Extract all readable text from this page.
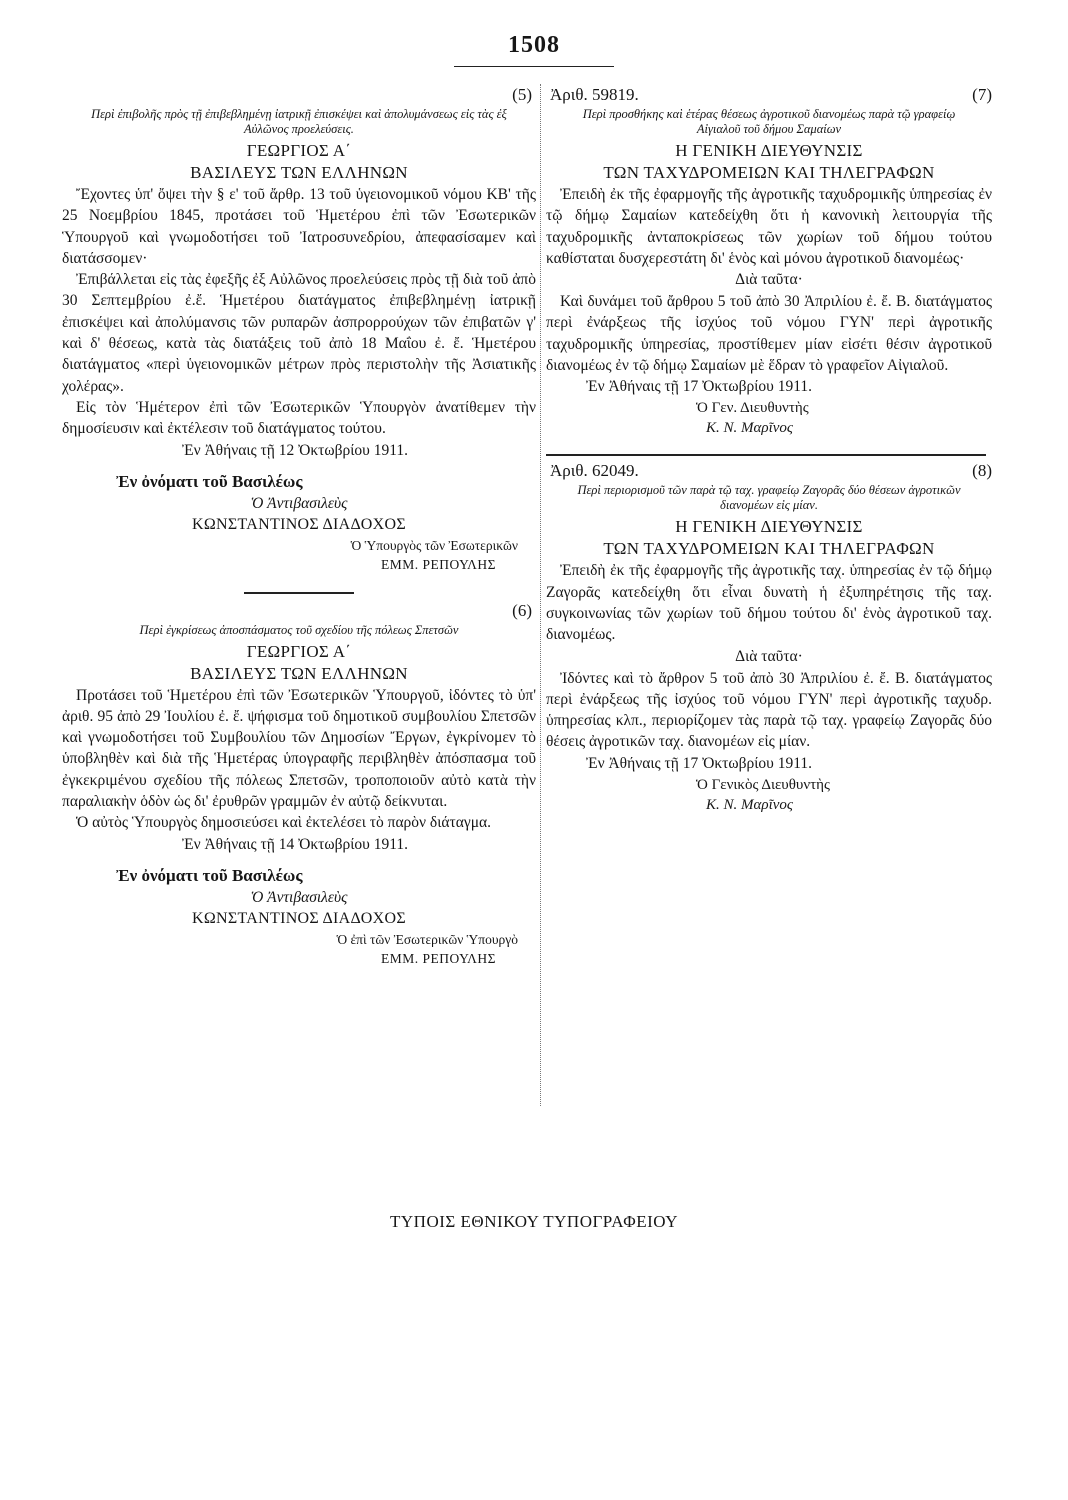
1508
(5)
Περὶ ἐπιβολῆς πρὸς τῇ ἐπιβεβλημένῃ ἰατρικῇ ἐπισκέψει καὶ ἀπολυμάνσεως εἰς τὰς ἐξ Αὐλῶνος προελεύσεις.
ΓΕΩΡΓΙΟΣ Α΄
ΒΑΣΙΛΕΥΣ ΤΩΝ ΕΛΛΗΝΩΝ

Ἔχοντες ὑπ' ὄψει τὴν § ε' τοῦ ἄρθρ. 13 τοῦ ὑγειονομικοῦ νόμου ΚΒ' τῆς 25 Νοεμβρίου 1845, προτάσει τοῦ Ἡμετέρου ἐπὶ τῶν Ἐσωτερικῶν Ὑπουργοῦ καὶ γνωμοδοτήσει τοῦ Ἰατροσυνεδρίου, ἀπεφασίσαμεν καὶ διατάσσομεν·

Ἐπιβάλλεται εἰς τὰς ἐφεξῆς ἐξ Αὐλῶνος προελεύσεις πρὸς τῇ διὰ τοῦ ἀπὸ 30 Σεπτεμβρίου ἐ.ἔ. Ἡμετέρου διατάγματος ἐπιβεβλημένῃ ἰατρικῇ ἐπισκέψει καὶ ἀπολύμανσις τῶν ρυπαρῶν ἀσπρορρούχων τῶν ἐπιβατῶν γ' καὶ δ' θέσεως, κατὰ τὰς διατάξεις τοῦ ἀπὸ 18 Μαΐου ἐ. ἔ. Ἡμετέρου διατάγματος «περὶ ὑγειονομικῶν μέτρων πρὸς περιστολὴν τῆς Ἀσιατικῆς χολέρας».

Εἰς τὸν Ἡμέτερον ἐπὶ τῶν Ἐσωτερικῶν Ὑπουργὸν ἀνατίθεμεν τὴν δημοσίευσιν καὶ ἐκτέλεσιν τοῦ διατάγματος τούτου.

Ἐν Ἀθήναις τῇ 12 Ὀκτωβρίου 1911.
Ἐν ὀνόματι τοῦ Βασιλέως
Ὁ Ἀντιβασιλεὺς
ΚΩΝΣΤΑΝΤΙΝΟΣ ΔΙΑΔΟΧΟΣ
Ὁ Ὑπουργὸς τῶν Ἐσωτερικῶν
ΕΜΜ. ΡΕΠΟΥΛΗΣ
(6)
Περὶ ἐγκρίσεως ἀποσπάσματος τοῦ σχεδίου τῆς πόλεως Σπετσῶν
ΓΕΩΡΓΙΟΣ Α΄
ΒΑΣΙΛΕΥΣ ΤΩΝ ΕΛΛΗΝΩΝ

Προτάσει τοῦ Ἡμετέρου ἐπὶ τῶν Ἐσωτερικῶν Ὑπουργοῦ, ἰδόντες τὸ ὑπ' ἀριθ. 95 ἀπὸ 29 Ἰουλίου ἐ. ἔ. ψήφισμα τοῦ δημοτικοῦ συμβουλίου Σπετσῶν καὶ γνωμοδοτήσει τοῦ Συμβουλίου τῶν Δημοσίων Ἔργων, ἐγκρίνομεν τὸ ὑποβληθὲν καὶ διὰ τῆς Ἡμετέρας ὑπογραφῆς περιβληθὲν ἀπόσπασμα τοῦ ἐγκεκριμένου σχεδίου τῆς πόλεως Σπετσῶν, τροποποιοῦν αὐτὸ κατὰ τὴν παραλιακὴν ὁδὸν ὡς δι' ἐρυθρῶν γραμμῶν ἐν αὐτῷ δείκνυται.

Ὁ αὐτὸς Ὑπουργὸς δημοσιεύσει καὶ ἐκτελέσει τὸ παρὸν διάταγμα.

Ἐν Ἀθήναις τῇ 14 Ὀκτωβρίου 1911.
Ἐν ὀνόματι τοῦ Βασιλέως
Ὁ Ἀντιβασιλεὺς
ΚΩΝΣΤΑΝΤΙΝΟΣ ΔΙΑΔΟΧΟΣ
Ὁ ἐπὶ τῶν Ἐσωτερικῶν Ὑπουργὸ
ΕΜΜ. ΡΕΠΟΥΛΗΣ
Ἀριθ. 59819.	(7)
Περὶ προσθήκης καὶ ἑτέρας θέσεως ἀγροτικοῦ διανομέως παρὰ τῷ γραφείῳ Αἰγιαλοῦ τοῦ δήμου Σαμαίων
Η ΓΕΝΙΚΗ ΔΙΕΥΘΥΝΣΙΣ
ΤΩΝ ΤΑΧΥΔΡΟΜΕΙΩΝ ΚΑΙ ΤΗΛΕΓΡΑΦΩΝ

Ἐπειδὴ ἐκ τῆς ἐφαρμογῆς τῆς ἀγροτικῆς ταχυδρομικῆς ὑπηρεσίας ἐν τῷ δήμῳ Σαμαίων κατεδείχθη ὅτι ἡ κανονικὴ λειτουργία τῆς ταχυδρομικῆς ἀνταποκρίσεως τῶν χωρίων τοῦ δήμου τούτου καθίσταται δυσχερεστάτη δι' ἑνὸς καὶ μόνου ἀγροτικοῦ διανομέως·

Διὰ ταῦτα·

Καὶ δυνάμει τοῦ ἄρθρου 5 τοῦ ἀπὸ 30 Ἀπριλίου ἐ. ἔ. Β. διατάγματος περὶ ἐνάρξεως τῆς ἰσχύος τοῦ νόμου ΓΥΝ' περὶ ἀγροτικῆς ταχυδρομικῆς ὑπηρεσίας, προστίθεμεν μίαν εἰσέτι θέσιν ἀγροτικοῦ διανομέως ἐν τῷ δήμῳ Σαμαίων μὲ ἕδραν τὸ γραφεῖον Αἰγιαλοῦ.

Ἐν Ἀθήναις τῇ 17 Ὀκτωβρίου 1911.
Ὁ Γεν. Διευθυντὴς
Κ. Ν. Μαρῖνος
Ἀριθ. 62049.	(8)
Περὶ περιορισμοῦ τῶν παρὰ τῷ ταχ. γραφείῳ Ζαγορᾶς δύο θέσεων ἀγροτικῶν διανομέων εἰς μίαν.
Η ΓΕΝΙΚΗ ΔΙΕΥΘΥΝΣΙΣ
ΤΩΝ ΤΑΧΥΔΡΟΜΕΙΩΝ ΚΑΙ ΤΗΛΕΓΡΑΦΩΝ

Ἐπειδὴ ἐκ τῆς ἐφαρμογῆς τῆς ἀγροτικῆς ταχ. ὑπηρεσίας ἐν τῷ δήμῳ Ζαγορᾶς κατεδείχθη ὅτι εἶναι δυνατὴ ἡ ἐξυπηρέτησις τῆς ταχ. συγκοινωνίας τῶν χωρίων τοῦ δήμου τούτου δι' ἑνὸς ἀγροτικοῦ ταχ. διανομέως.

Διὰ ταῦτα·

Ἰδόντες καὶ τὸ ἄρθρον 5 τοῦ ἀπὸ 30 Ἀπριλίου ἐ. ἔ. Β. διατάγματος περὶ ἐνάρξεως τῆς ἰσχύος τοῦ νόμου ΓΥΝ' περὶ ἀγροτικῆς ταχυδρ. ὑπηρεσίας κλπ., περιορίζομεν τὰς παρὰ τῷ ταχ. γραφείῳ Ζαγορᾶς δύο θέσεις ἀγροτικῶν ταχ. διανομέων εἰς μίαν.

Ἐν Ἀθήναις τῇ 17 Ὀκτωβρίου 1911.
Ὁ Γενικὸς Διευθυντὴς
Κ. Ν. Μαρῖνος
ΤΥΠΟΙΣ ΕΘΝΙΚΟΥ ΤΥΠΟΓΡΑΦΕΙΟΥ
